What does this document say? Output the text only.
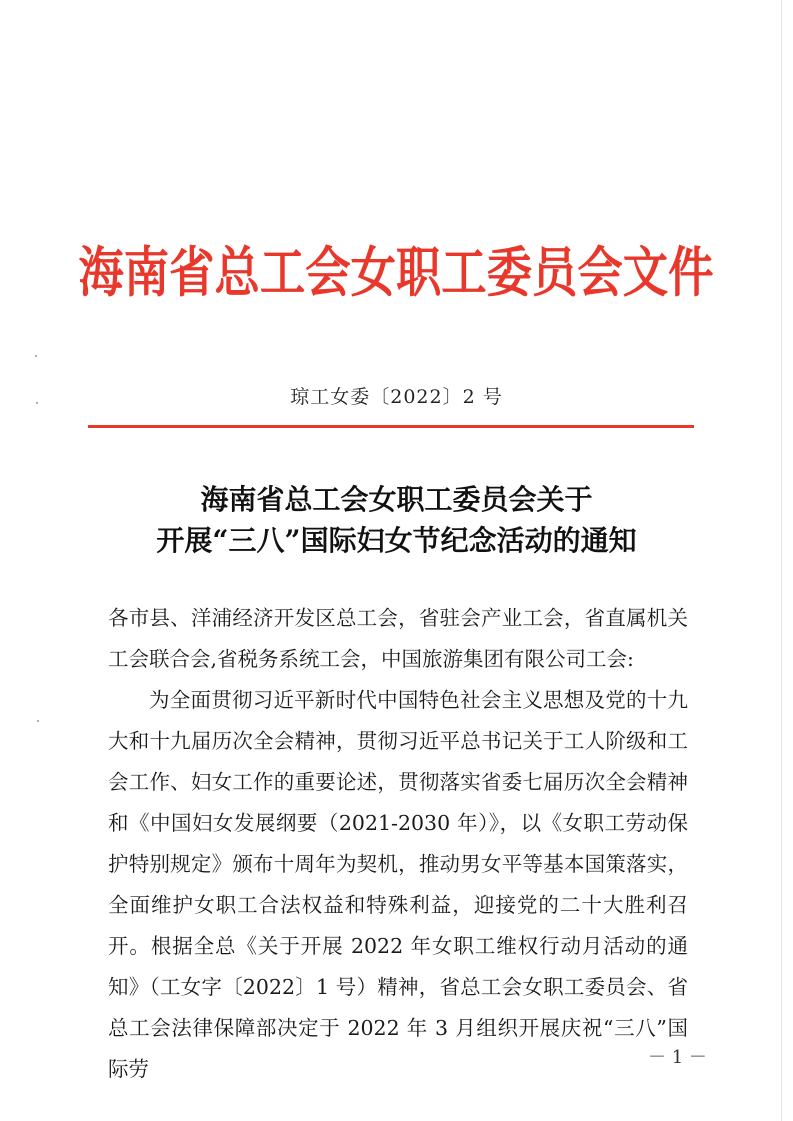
海南省总工会女职工委员会文件
琼工女委〔2022〕2 号
海南省总工会女职工委员会关于
开展“三八”国际妇女节纪念活动的通知

各市县、洋浦经济开发区总工会，省驻会产业工会，省直属机关工会联合会,省税务系统工会，中国旅游集团有限公司工会:

为全面贯彻习近平新时代中国特色社会主义思想及党的十九大和十九届历次全会精神，贯彻习近平总书记关于工人阶级和工会工作、妇女工作的重要论述，贯彻落实省委七届历次全会精神和《中国妇女发展纲要（2021-2030 年）》，以《女职工劳动保护特别规定》颁布十周年为契机，推动男女平等基本国策落实，全面维护女职工合法权益和特殊利益，迎接党的二十大胜利召开。根据全总《关于开展 2022 年女职工维权行动月活动的通知》（工女字〔2022〕1 号）精神，省总工会女职工委员会、省总工会法律保障部决定于 2022 年 3 月组织开展庆祝“三八”国际劳	－ 1 －
